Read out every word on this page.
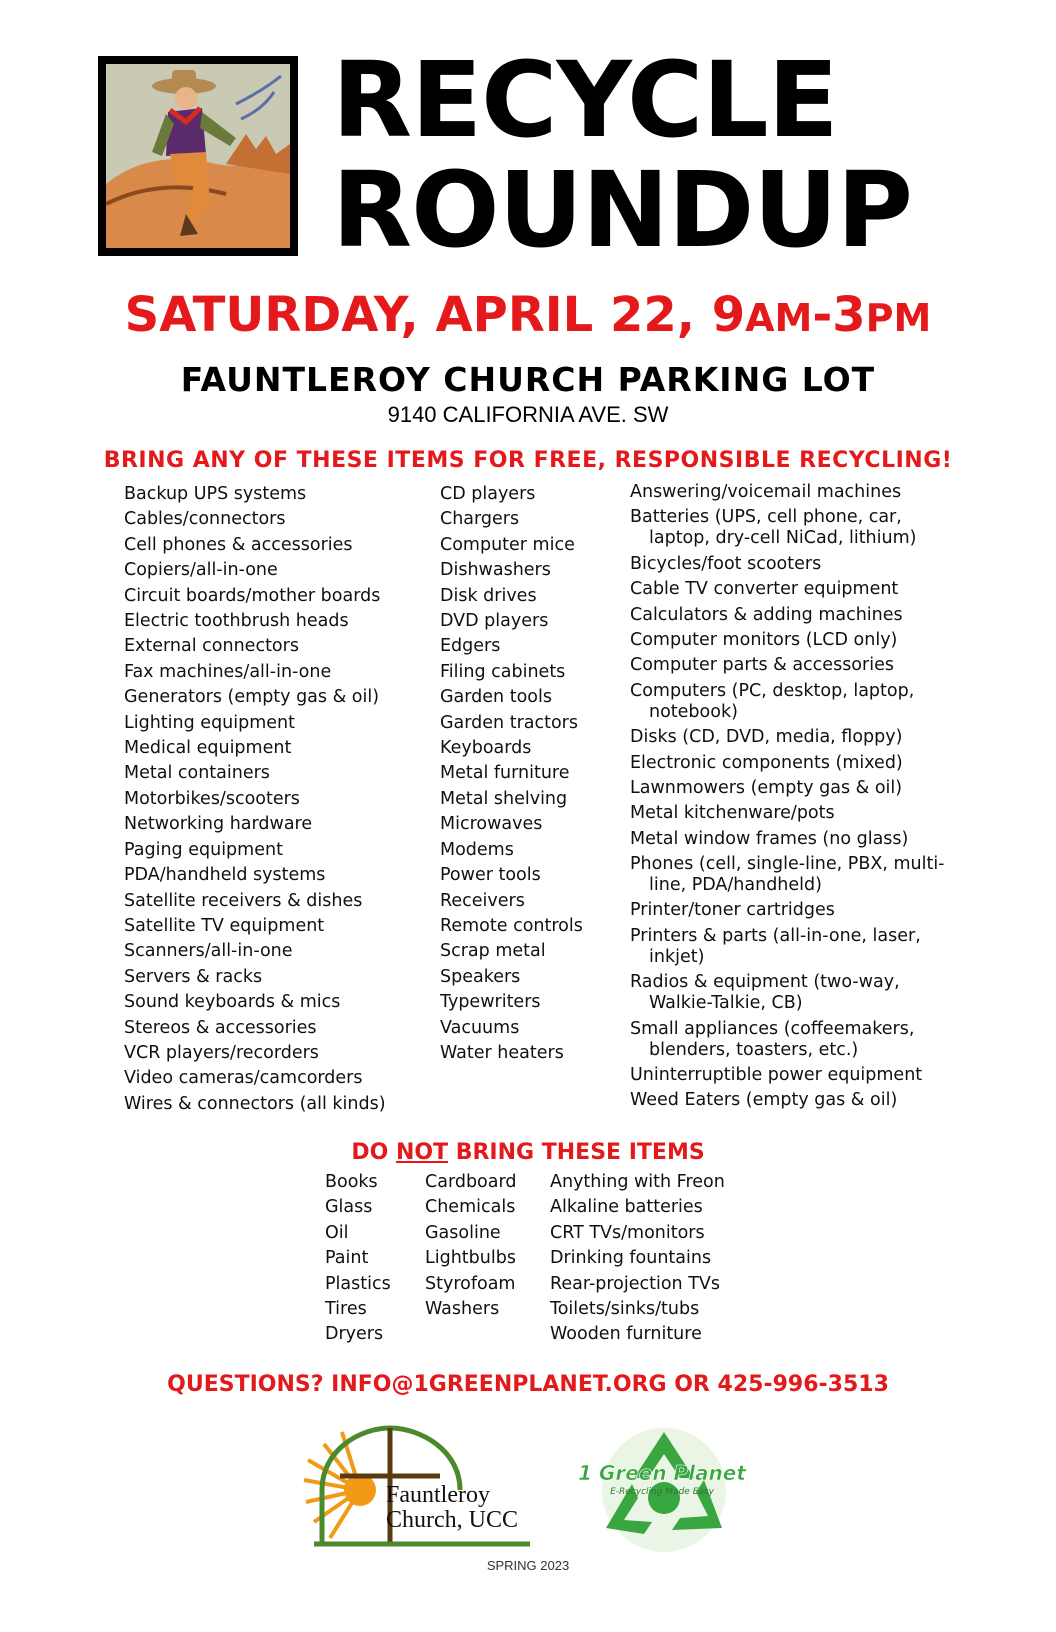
RECYCLE
ROUNDUP
SATURDAY, APRIL 22, 9AM-3PM
FAUNTLEROY CHURCH PARKING LOT
9140 CALIFORNIA AVE. SW
BRING ANY OF THESE ITEMS FOR FREE, RESPONSIBLE RECYCLING!
Backup UPS systems
Cables/connectors
Cell phones & accessories
Copiers/all-in-one
Circuit boards/mother boards
Electric toothbrush heads
External connectors
Fax machines/all-in-one
Generators (empty gas & oil)
Lighting equipment
Medical equipment
Metal containers
Motorbikes/scooters
Networking hardware
Paging equipment
PDA/handheld systems
Satellite receivers & dishes
Satellite TV equipment
Scanners/all-in-one
Servers & racks
Sound keyboards & mics
Stereos & accessories
VCR players/recorders
Video cameras/camcorders
Wires & connectors (all kinds)
CD players
Chargers
Computer mice
Dishwashers
Disk drives
DVD players
Edgers
Filing cabinets
Garden tools
Garden tractors
Keyboards
Metal furniture
Metal shelving
Microwaves
Modems
Power tools
Receivers
Remote controls
Scrap metal
Speakers
Typewriters
Vacuums
Water heaters
Answering/voicemail machines
Batteries (UPS, cell phone, car, laptop, dry-cell NiCad, lithium)
Bicycles/foot scooters
Cable TV converter equipment
Calculators & adding machines
Computer monitors (LCD only)
Computer parts & accessories
Computers (PC, desktop, laptop, notebook)
Disks (CD, DVD, media, floppy)
Electronic components (mixed)
Lawnmowers (empty gas & oil)
Metal kitchenware/pots
Metal window frames (no glass)
Phones (cell, single-line, PBX, multi-line, PDA/handheld)
Printer/toner cartridges
Printers & parts (all-in-one, laser, inkjet)
Radios & equipment (two-way, Walkie-Talkie, CB)
Small appliances (coffeemakers, blenders, toasters, etc.)
Uninterruptible power equipment
Weed Eaters (empty gas & oil)
DO NOT BRING THESE ITEMS
Books
Glass
Oil
Paint
Plastics
Tires
Dryers
Cardboard
Chemicals
Gasoline
Lightbulbs
Styrofoam
Washers
Anything with Freon
Alkaline batteries
CRT TVs/monitors
Drinking fountains
Rear-projection TVs
Toilets/sinks/tubs
Wooden furniture
QUESTIONS? INFO@1GREENPLANET.ORG OR 425-996-3513
Fauntleroy
Church, UCC
1 Green Planet
E-Recycling Made Easy
SPRING 2023
